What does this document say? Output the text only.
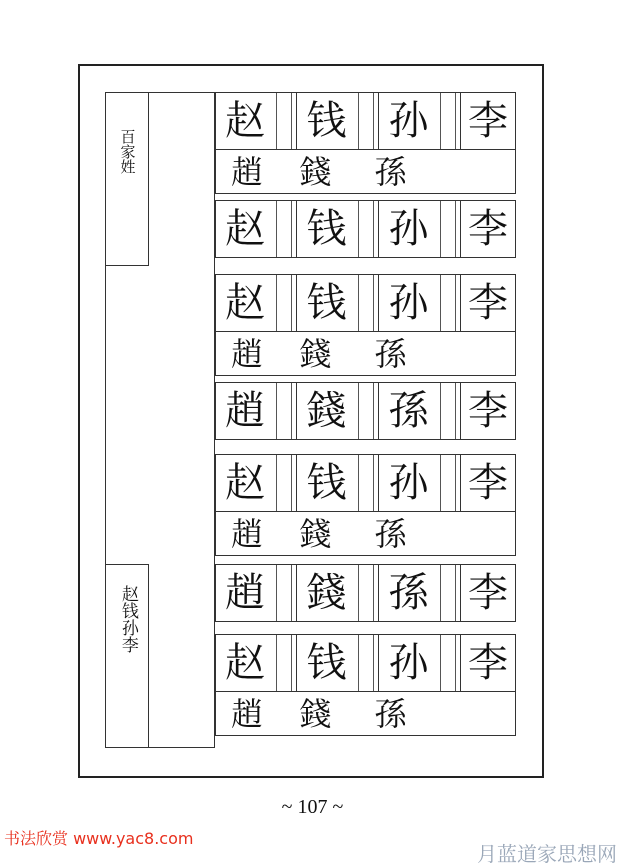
百家姓
赵钱孙李
赵 钱 孙 李
趙	錢	孫
赵 钱 孙 李
赵 钱 孙 李
趙	錢	孫
趙 錢 孫 李
赵 钱 孙 李
趙	錢	孫
趙 錢 孫 李
赵 钱 孙 李
趙	錢	孫
~ 107 ~
书法欣赏 www.yac8.com
月蓝道家思想网
